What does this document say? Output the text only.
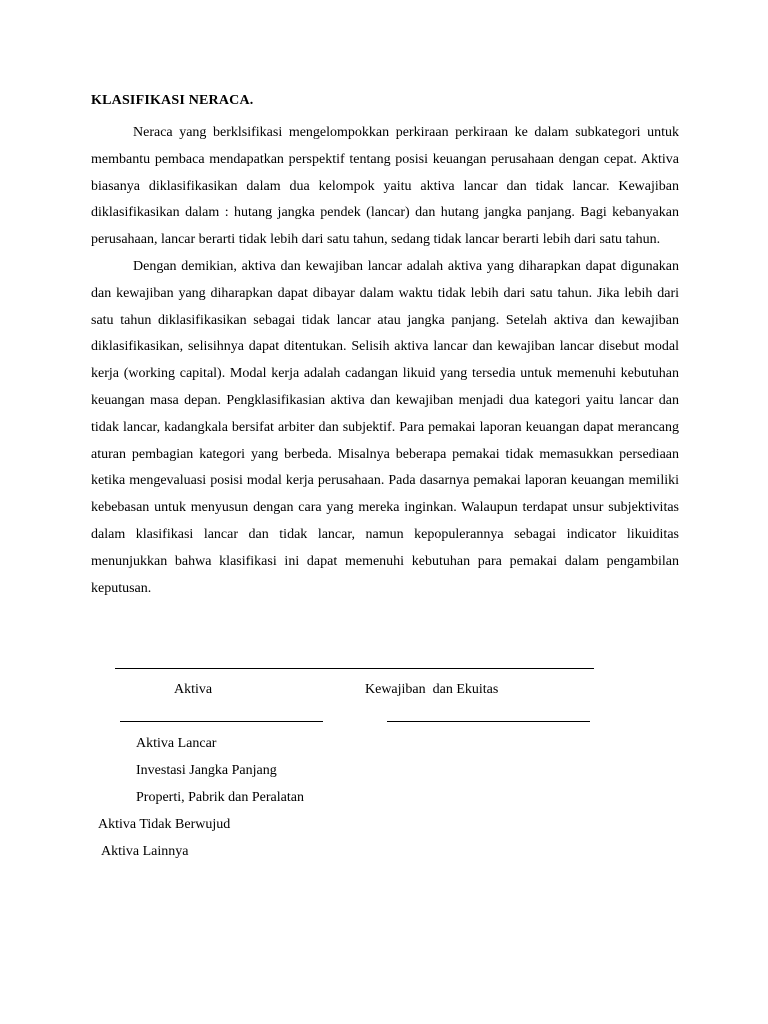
KLASIFIKASI NERACA.

Neraca yang berklsifikasi mengelompokkan perkiraan perkiraan ke dalam subkategori untuk membantu pembaca mendapatkan perspektif tentang posisi keuangan perusahaan dengan cepat. Aktiva biasanya diklasifikasikan dalam dua kelompok yaitu aktiva lancar dan tidak lancar. Kewajiban diklasifikasikan dalam : hutang jangka pendek (lancar) dan hutang jangka panjang. Bagi kebanyakan perusahaan, lancar berarti tidak lebih dari satu tahun, sedang tidak lancar berarti lebih dari satu tahun.

Dengan demikian, aktiva dan kewajiban lancar adalah aktiva yang diharapkan dapat digunakan dan kewajiban yang diharapkan dapat dibayar dalam waktu tidak lebih dari satu tahun. Jika lebih dari satu tahun diklasifikasikan sebagai tidak lancar atau jangka panjang. Setelah aktiva dan kewajiban diklasifikasikan, selisihnya dapat ditentukan. Selisih aktiva lancar dan kewajiban lancar disebut modal kerja (working capital). Modal kerja adalah cadangan likuid yang tersedia untuk memenuhi kebutuhan keuangan masa depan. Pengklasifikasian aktiva dan kewajiban menjadi dua kategori yaitu lancar dan tidak lancar, kadangkala bersifat arbiter dan subjektif. Para pemakai laporan keuangan dapat merancang aturan pembagian kategori yang berbeda. Misalnya beberapa pemakai tidak memasukkan persediaan ketika mengevaluasi posisi modal kerja perusahaan. Pada dasarnya pemakai laporan keuangan memiliki kebebasan untuk menyusun dengan cara yang mereka inginkan. Walaupun terdapat unsur subjektivitas dalam klasifikasi lancar dan tidak lancar, namun kepopulerannya sebagai indicator likuiditas menunjukkan bahwa klasifikasi ini dapat memenuhi kebutuhan para pemakai dalam pengambilan keputusan.

Aktiva	Kewajiban  dan Ekuitas
Aktiva Lancar
Investasi Jangka Panjang
Properti, Pabrik dan Peralatan
Aktiva Tidak Berwujud
Aktiva Lainnya
